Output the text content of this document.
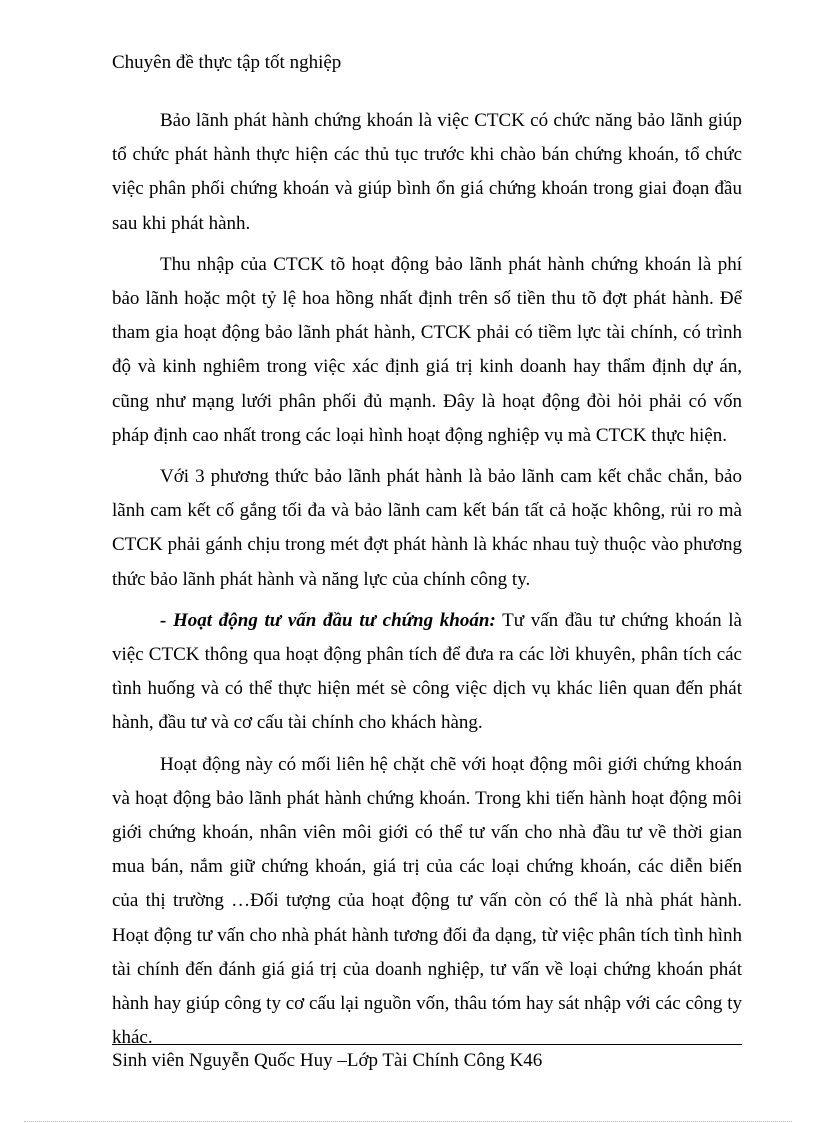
Chuyên đề thực tập tốt nghiệp

Bảo lãnh phát hành chứng khoán là việc CTCK có chức năng bảo lãnh giúp tổ chức phát hành thực hiện các thủ tục trước khi chào bán chứng khoán, tổ chức việc phân phối chứng khoán và giúp bình ổn giá chứng khoán trong giai đoạn đầu sau khi phát hành.

Thu nhập của CTCK tõ hoạt động bảo lãnh phát hành chứng khoán là phí bảo lãnh hoặc một tỷ lệ hoa hồng nhất định trên số tiền thu tõ đợt phát hành. Để tham gia hoạt động bảo lãnh phát hành, CTCK phải có tiềm lực tài chính, có trình độ và kinh nghiêm trong việc xác định giá trị kinh doanh hay thẩm định dự án, cũng như mạng lưới phân phối đủ mạnh. Đây là hoạt động đòi hỏi phải có vốn pháp định cao nhất trong các loại hình hoạt động nghiệp vụ mà CTCK thực hiện.

Với 3 phương thức bảo lãnh phát hành là bảo lãnh cam kết chắc chắn, bảo lãnh cam kết cố gắng tối đa và bảo lãnh cam kết bán tất cả hoặc không, rủi ro mà CTCK phải gánh chịu trong mét đợt phát hành là khác nhau tuỳ thuộc vào phương thức bảo lãnh phát hành và năng lực của chính công ty.

- Hoạt động tư vấn đầu tư chứng khoán: Tư vấn đầu tư chứng khoán là việc CTCK thông qua hoạt động phân tích để đưa ra các lời khuyên, phân tích các tình huống và có thể thực hiện mét sè công việc dịch vụ khác liên quan đến phát hành, đầu tư và cơ cấu tài chính cho khách hàng.

Hoạt động này có mối liên hệ chặt chẽ với hoạt động môi giới chứng khoán và hoạt động bảo lãnh phát hành chứng khoán. Trong khi tiến hành hoạt động môi giới chứng khoán, nhân viên môi giới có thể tư vấn cho nhà đầu tư về thời gian mua bán, nắm giữ chứng khoán, giá trị của các loại chứng khoán, các diễn biến của thị trường …Đối tượng của hoạt động tư vấn còn có thể là nhà phát hành. Hoạt động tư vấn cho nhà phát hành tương đối đa dạng, từ việc phân tích tình hình tài chính đến đánh giá giá trị của doanh nghiệp, tư vấn về loại chứng khoán phát hành hay giúp công ty cơ cấu lại nguồn vốn, thâu tóm hay sát nhập với các công ty khác.

Sinh viên Nguyễn Quốc Huy –Lớp Tài Chính Công K46
